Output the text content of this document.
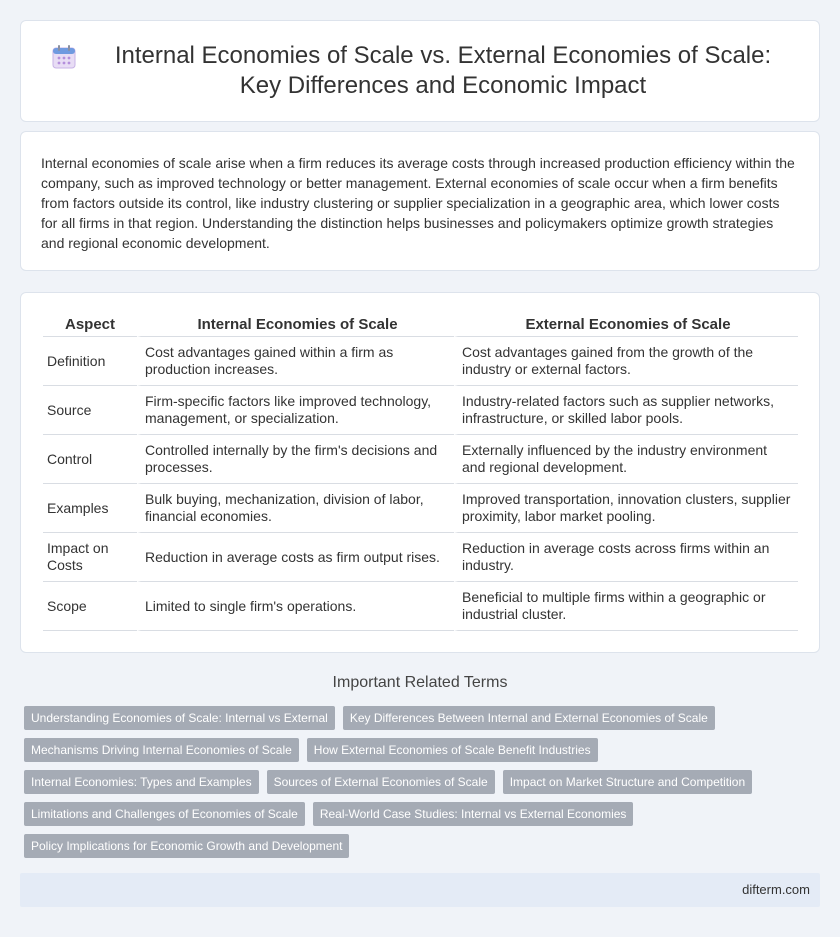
Internal Economies of Scale vs. External Economies of Scale: Key Differences and Economic Impact

Internal economies of scale arise when a firm reduces its average costs through increased production efficiency within the company, such as improved technology or better management. External economies of scale occur when a firm benefits from factors outside its control, like industry clustering or supplier specialization in a geographic area, which lower costs for all firms in that region. Understanding the distinction helps businesses and policymakers optimize growth strategies and regional economic development.

Aspect	Internal Economies of Scale	External Economies of Scale
Definition	Cost advantages gained within a firm as production increases.	Cost advantages gained from the growth of the industry or external factors.
Source	Firm-specific factors like improved technology, management, or specialization.	Industry-related factors such as supplier networks, infrastructure, or skilled labor pools.
Control	Controlled internally by the firm's decisions and processes.	Externally influenced by the industry environment and regional development.
Examples	Bulk buying, mechanization, division of labor, financial economies.	Improved transportation, innovation clusters, supplier proximity, labor market pooling.
Impact on Costs	Reduction in average costs as firm output rises.	Reduction in average costs across firms within an industry.
Scope	Limited to single firm's operations.	Beneficial to multiple firms within a geographic or industrial cluster.
Important Related Terms
Understanding Economies of Scale: Internal vs External	Key Differences Between Internal and External Economies of Scale
Mechanisms Driving Internal Economies of Scale	How External Economies of Scale Benefit Industries
Internal Economies: Types and Examples	Sources of External Economies of Scale	Impact on Market Structure and Competition
Limitations and Challenges of Economies of Scale	Real-World Case Studies: Internal vs External Economies
Policy Implications for Economic Growth and Development
difterm.com
